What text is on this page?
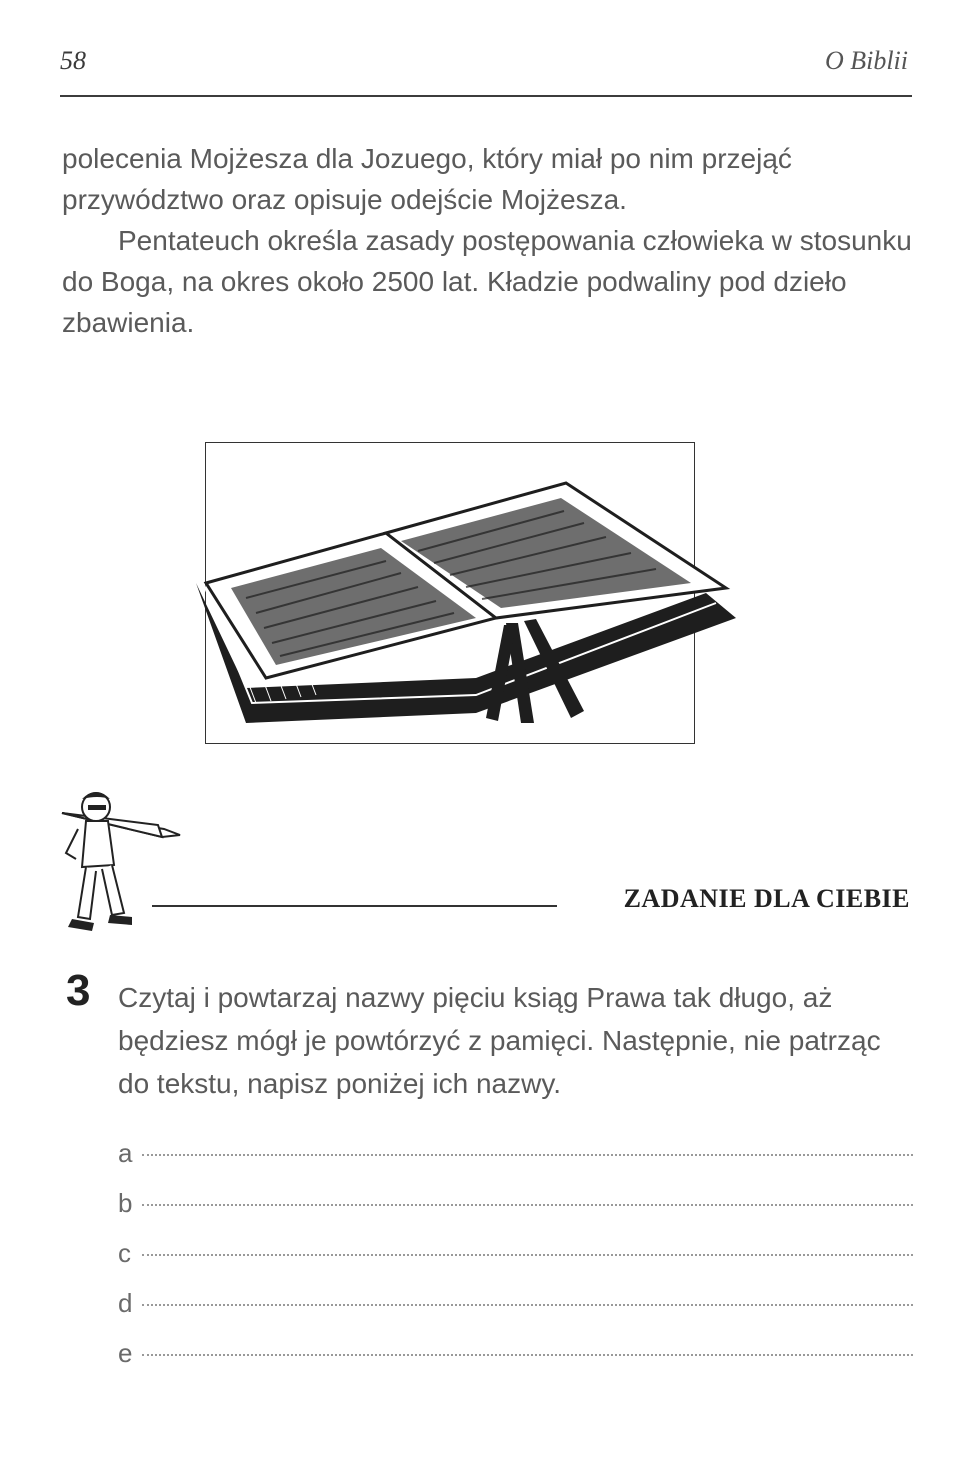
58	O Biblii

polecenia Mojżesza dla Jozuego, który miał po nim przejąć przywództwo oraz opisuje odejście Mojżesza.

Pentateuch określa zasady postępowania człowieka w stosunku do Boga, na okres około 2500 lat. Kładzie podwaliny pod dzieło zbawienia.

ZADANIE DLA CIEBIE
3 Czytaj i powtarzaj nazwy pięciu ksiąg Prawa tak długo, aż będziesz mógł je powtórzyć z pamięci. Następnie, nie patrząc do tekstu, napisz poniżej ich nazwy.
a
b
c
d
e
